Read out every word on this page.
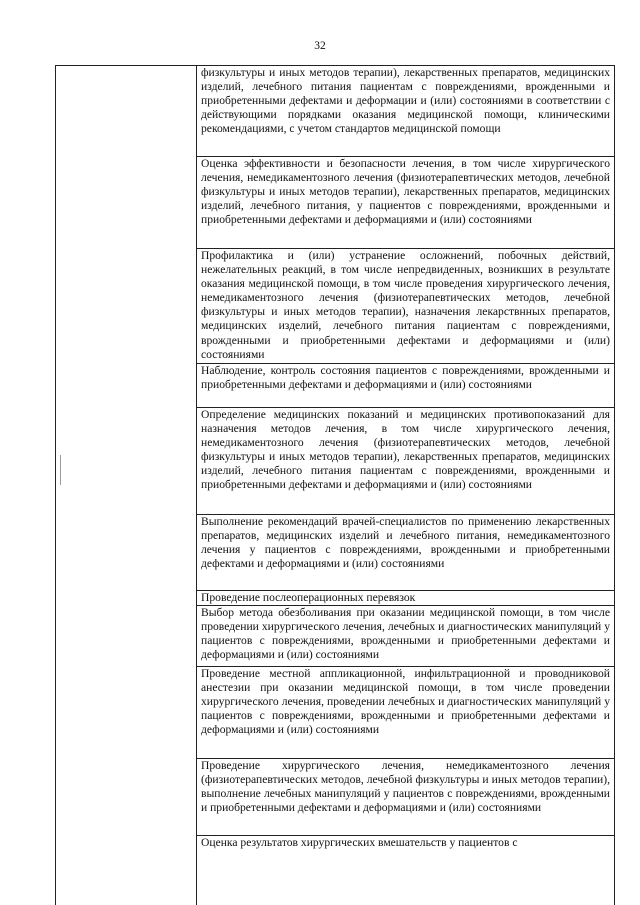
32
физкультуры и иных методов терапии), лекарственных препаратов, медицинских изделий, лечебного питания пациентам с повреждениями, врожденными и приобретенными дефектами и деформации и (или) состояниями в соответствии с действующими порядками оказания медицинской помощи, клиническими рекомендациями, с учетом стандартов медицинской помощи
Оценка эффективности и безопасности лечения, в том числе хирургического лечения, немедикаментозного лечения (физиотерапевтических методов, лечебной физкультуры и иных методов терапии), лекарственных препаратов, медицинских изделий, лечебного питания, у пациентов с повреждениями, врожденными и приобретенными дефектами и деформациями и (или) состояниями
Профилактика и (или) устранение осложнений, побочных действий, нежелательных реакций, в том числе непредвиденных, возникших в результате оказания медицинской помощи, в том числе проведения хирургического лечения, немедикаментозного лечения (физиотерапевтических методов, лечебной физкультуры и иных методов терапии), назначения лекарствнных препаратов, медицинских изделий, лечебного питания пациентам с повреждениями, врожденными и приобретенными дефектами и деформациями и (или) состояниями
Наблюдение, контроль состояния пациентов с повреждениями, врожденными и приобретенными дефектами и деформациями и (или) состояниями
Определение медицинских показаний и медицинских противопоказаний для назначения методов лечения, в том числе хирургического лечения, немедикаментозного лечения (физиотерапевтических методов, лечебной физкультуры и иных методов терапии), лекарственных препаратов, медицинских изделий, лечебного питания пациентам с повреждениями, врожденными и приобретенными дефектами и деформациями и (или) состояниями
Выполнение рекомендаций врачей-специалистов по применению лекарственных препаратов, медицинских изделий и лечебного питания, немедикаментозного лечения у пациентов с повреждениями, врожденными и приобретенными дефектами и деформациями и (или) состояниями
Проведение послеоперационных перевязок
Выбор метода обезболивания при оказании медицинской помощи, в том числе проведении хирургического лечения, лечебных и диагностических манипуляций у пациентов с повреждениями, врожденными и приобретенными дефектами и деформациями и (или) состояниями
Проведение местной аппликационной, инфильтрационной и проводниковой анестезии при оказании медицинской помощи, в том числе проведении хирургического лечения, проведении лечебных и диагностических манипуляций у пациентов с повреждениями, врожденными и приобретенными дефектами и деформациями и (или) состояниями
Проведение хирургического лечения, немедикаментозного лечения (физиотерапевтических методов, лечебной физкультуры и иных методов терапии), выполнение лечебных манипуляций у пациентов с повреждениями, врожденными и приобретенными дефектами и деформациями и (или) состояниями
Оценка результатов хирургических вмешательств у пациентов с
